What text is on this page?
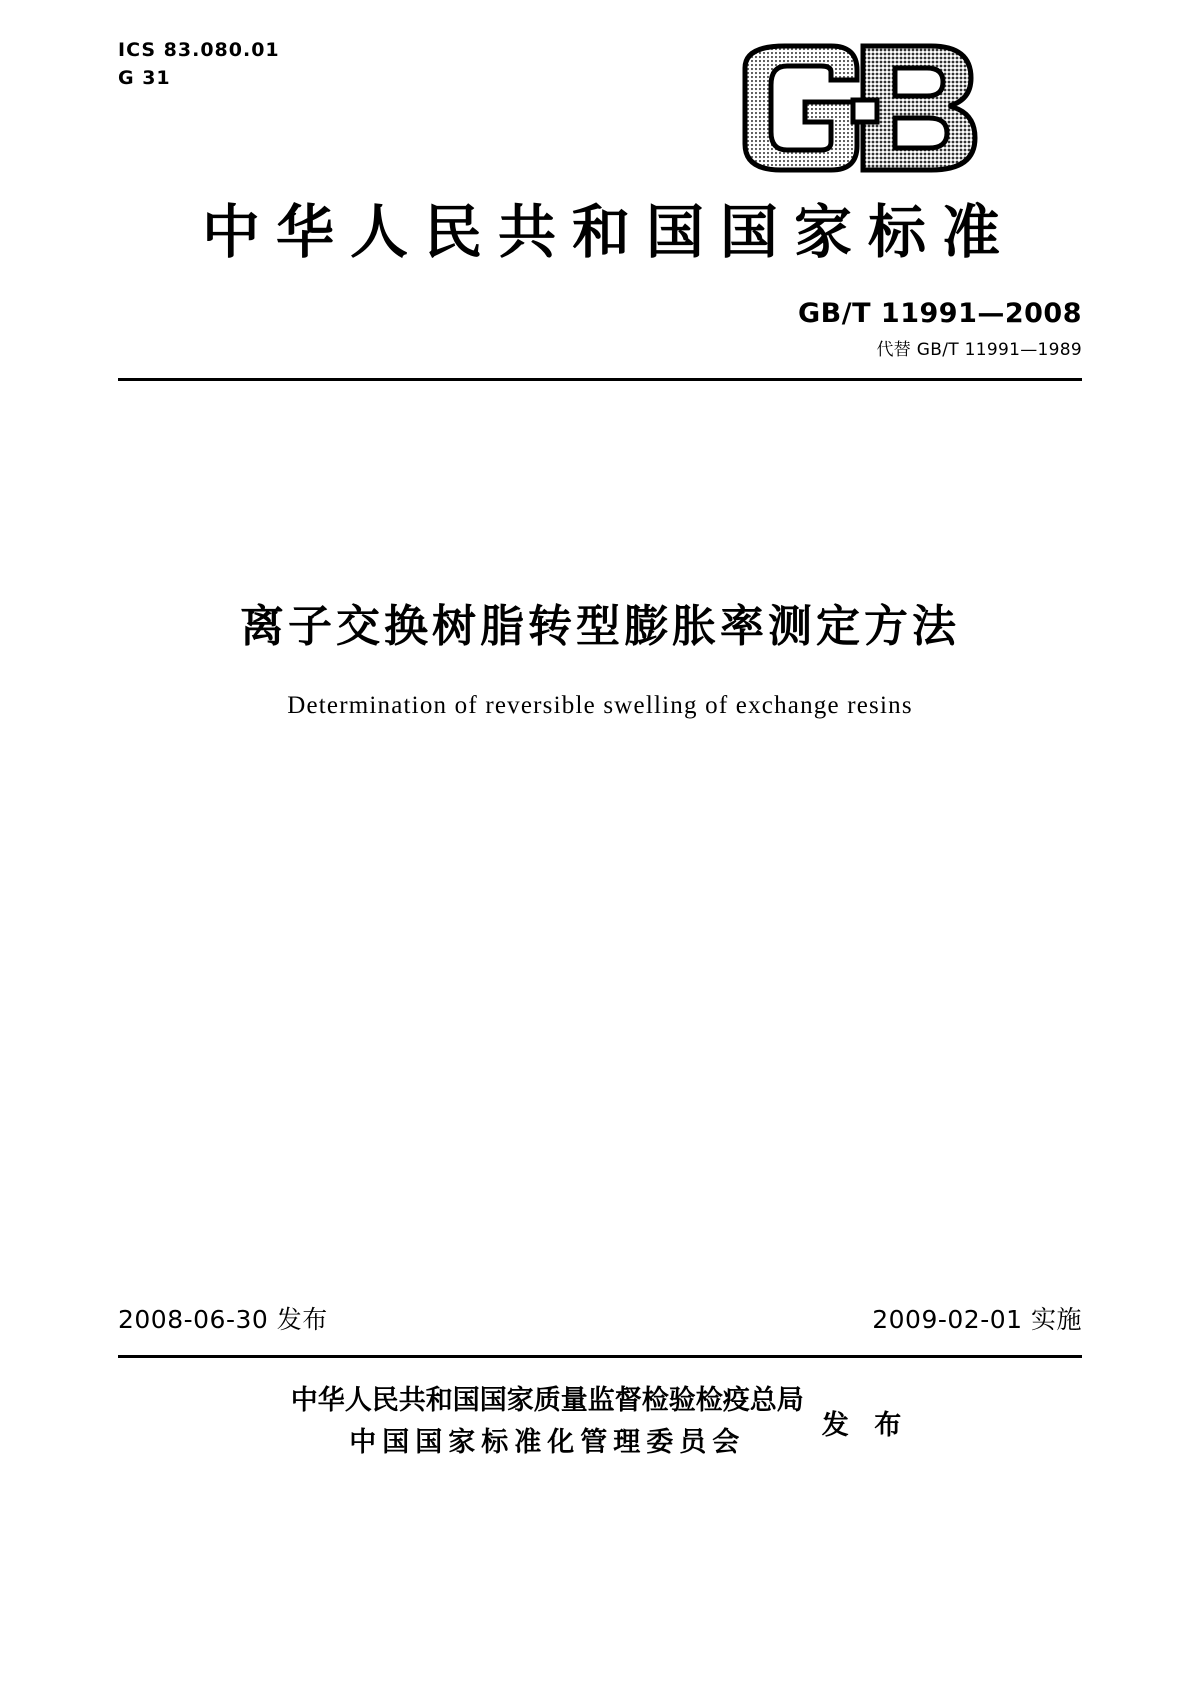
ICS 83.080.01
G 31
中华人民共和国国家标准
GB/T 11991—2008
代替 GB/T 11991—1989
离子交换树脂转型膨胀率测定方法
Determination of reversible swelling of exchange resins
2008-06-30 发布	2009-02-01 实施
中华人民共和国国家质量监督检验检疫总局
中国国家标准化管理委员会
发 布
